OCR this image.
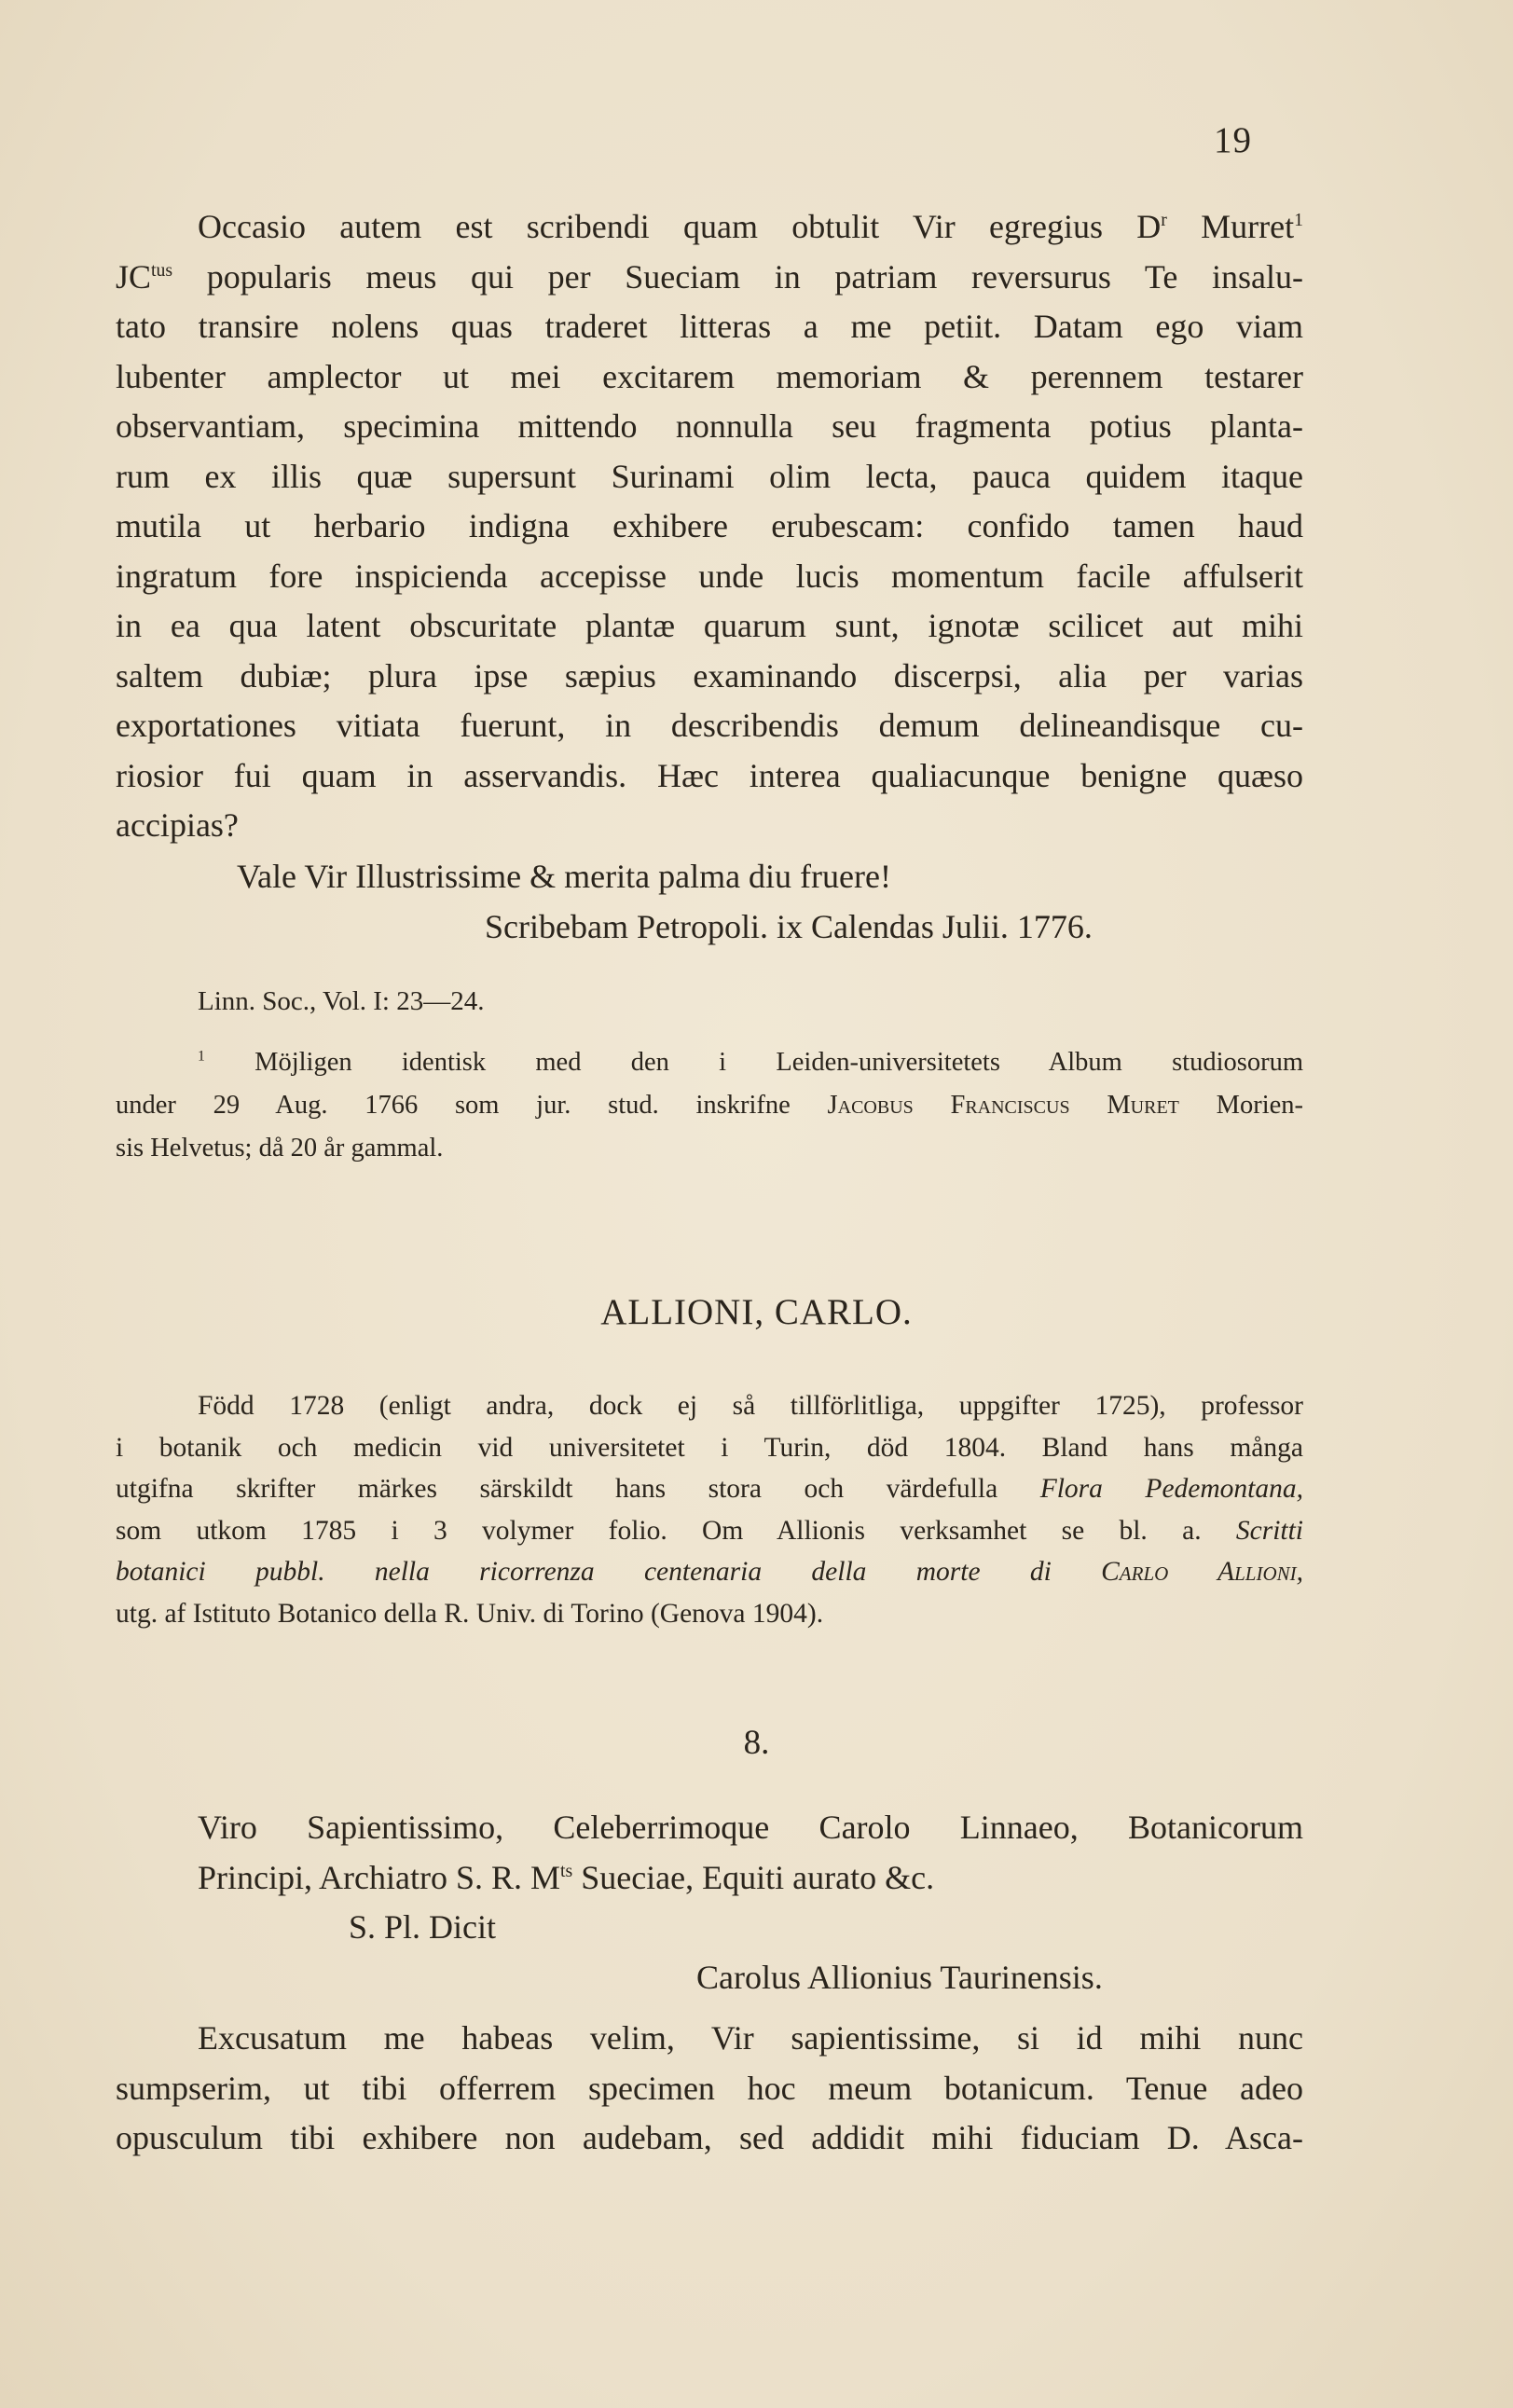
19
Occasio autem est scribendi quam obtulit Vir egregius $D^r$ Murret$^1$
$JC^{tus}$ popularis meus qui per Sueciam in patriam reversurus Te insalu-
tato transire nolens quas traderet litteras a me petiit. Datam ego viam
lubenter amplector ut mei excitarem memoriam & perennem testarer
observantiam, specimina mittendo nonnulla seu fragmenta potius planta-
rum ex illis quæ supersunt Surinami olim lecta, pauca quidem itaque
mutila ut herbario indigna exhibere erubescam: confido tamen haud
ingratum fore inspicienda accepisse unde lucis momentum facile affulserit
in ea qua latent obscuritate plantæ quarum sunt, ignotæ scilicet aut mihi
saltem dubiæ; plura ipse sæpius examinando discerpsi, alia per varias
exportationes vitiata fuerunt, in describendis demum delineandisque cu-
riosior fui quam in asservandis. Hæc interea qualiacunque benigne quæso
accipias?
Vale Vir Illustrissime & merita palma diu fruere!
Scribebam Petropoli. ix Calendas Julii. 1776.
Linn. Soc., Vol. I: 23—24.
$^1$ Möjligen identisk med den i Leiden-universitetets Album studiosorum
under 29 Aug. 1766 som jur. stud. inskrifne Jacobus Franciscus Muret Morien-
sis Helvetus; då 20 år gammal.
ALLIONI, CARLO.
Född 1728 (enligt andra, dock ej så tillförlitliga, uppgifter 1725), professor
i botanik och medicin vid universitetet i Turin, död 1804. Bland hans många
utgifna skrifter märkes särskildt hans stora och värdefulla Flora Pedemontana,
som utkom 1785 i 3 volymer folio. Om Allionis verksamhet se bl. a. Scritti
botanici pubbl. nella ricorrenza centenaria della morte di Carlo Allioni,
utg. af Istituto Botanico della R. Univ. di Torino (Genova 1904).
8.
Viro Sapientissimo, Celeberrimoque Carolo Linnaeo, Botanicorum
Principi, Archiatro S. R. $M^{ts}$ Sueciae, Equiti aurato &c.
S. Pl. Dicit
Carolus Allionius Taurinensis.
Excusatum me habeas velim, Vir sapientissime, si id mihi nunc
sumpserim, ut tibi offerrem specimen hoc meum botanicum. Tenue adeo
opusculum tibi exhibere non audebam, sed addidit mihi fiduciam D. Asca-
